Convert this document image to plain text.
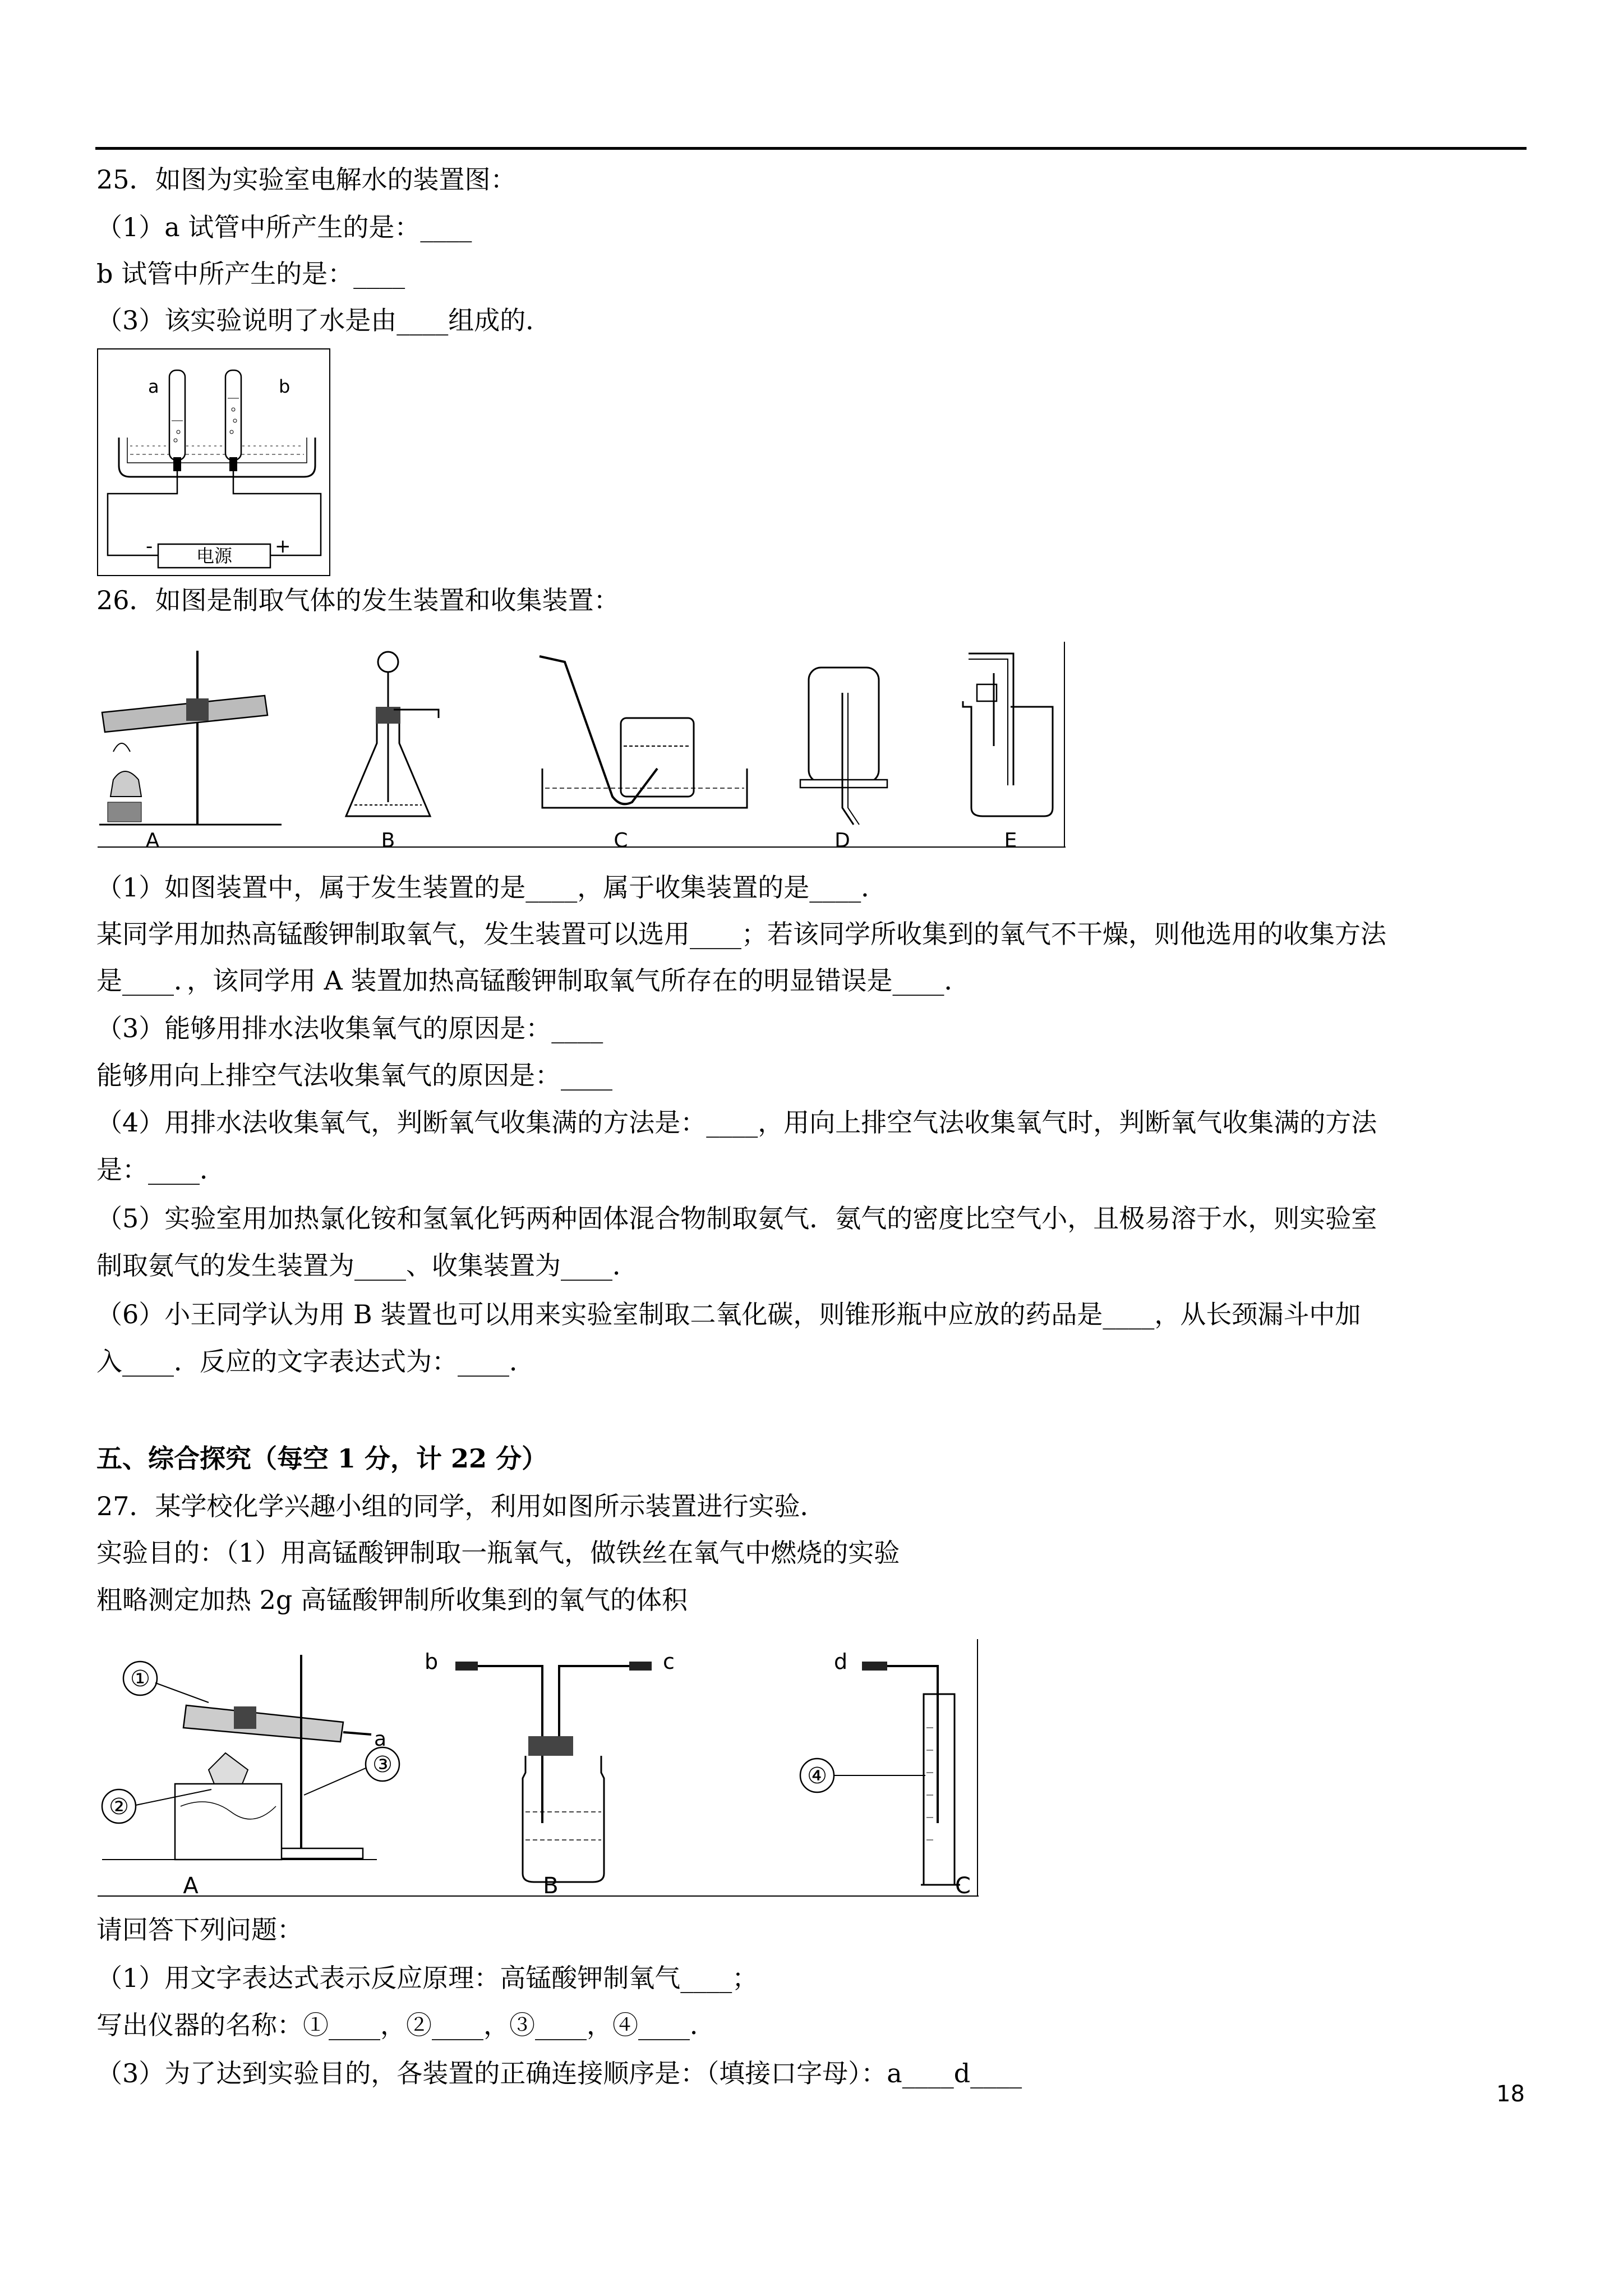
25．如图为实验室电解水的装置图：
（1）a 试管中所产生的是：____
b 试管中所产生的是：____
（3）该实验说明了水是由____组成的．
电源
-	+
a	b
26．如图是制取气体的发生装置和收集装置：
A	B	C	D	E
（1）如图装置中，属于发生装置的是____，属于收集装置的是____．
某同学用加热高锰酸钾制取氧气，发生装置可以选用____；若该同学所收集到的氧气不干燥，则他选用的收集方法
是____．，该同学用 A 装置加热高锰酸钾制取氧气所存在的明显错误是____．
（3）能够用排水法收集氧气的原因是：____
能够用向上排空气法收集氧气的原因是：____
（4）用排水法收集氧气，判断氧气收集满的方法是：____，用向上排空气法收集氧气时，判断氧气收集满的方法
是：____．
（5）实验室用加热氯化铵和氢氧化钙两种固体混合物制取氨气．氨气的密度比空气小，且极易溶于水，则实验室
制取氨气的发生装置为____、收集装置为____．
（6）小王同学认为用 B 装置也可以用来实验室制取二氧化碳，则锥形瓶中应放的药品是____，从长颈漏斗中加
入____．反应的文字表达式为：____．
五、综合探究（每空 1 分，计 22 分）
27．某学校化学兴趣小组的同学，利用如图所示装置进行实验．
实验目的：（1）用高锰酸钾制取一瓶氧气，做铁丝在氧气中燃烧的实验
粗略测定加热 2g 高锰酸钾制所收集到的氧气的体积
①
a
②
③
A
b	c
B
d
④
C
请回答下列问题：
（1）用文字表达式表示反应原理：高锰酸钾制氧气____；
写出仪器的名称：①____，②____，③____，④____．
（3）为了达到实验目的，各装置的正确连接顺序是：（填接口字母）：a____d____
18
